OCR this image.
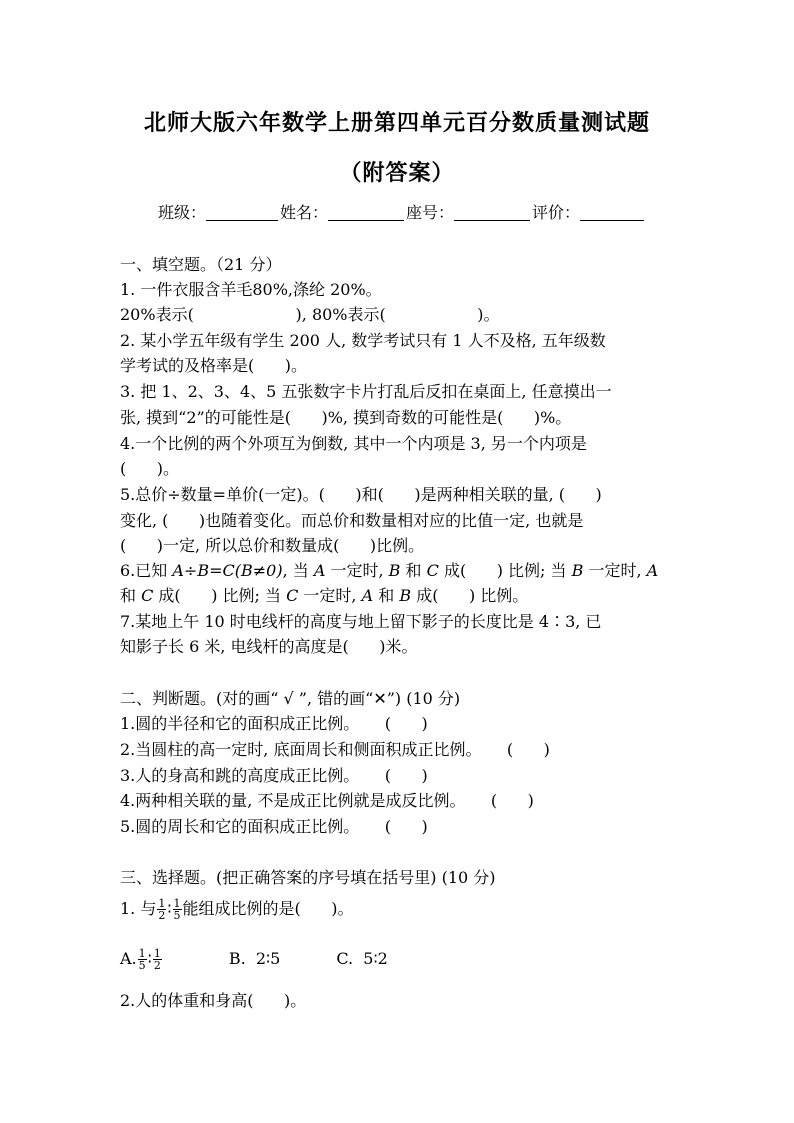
北师大版六年数学上册第四单元百分数质量测试题
（附答案）
班级：	姓名：	座号：	评价：
一、填空题。（21 分）
1. 一件衣服含羊毛80%,涤纶 20%。
20%表示(                    ), 80%表示(                  )。
2. 某小学五年级有学生 200 人, 数学考试只有 1 人不及格, 五年级数
学考试的及格率是(      )。
3. 把 1、2、3、4、5 五张数字卡片打乱后反扣在桌面上, 任意摸出一
张, 摸到“2”的可能性是(      )%, 摸到奇数的可能性是(      )%。
4.一个比例的两个外项互为倒数, 其中一个内项是 3, 另一个内项是
(      )。
5.总价÷数量=单价(一定)。(      )和(      )是两种相关联的量, (      )
变化, (      )也随着变化。而总价和数量相对应的比值一定, 也就是
(      )一定, 所以总价和数量成(      )比例。
6.已知 A÷B=C(B≠0), 当 A 一定时, B 和 C 成(      ) 比例; 当 B 一定时, A
和 C 成(      ) 比例; 当 C 一定时, A 和 B 成(      ) 比例。
7.某地上午 10 时电线杆的高度与地上留下影子的长度比是 4∶3, 已
知影子长 6 米, 电线杆的高度是(      )米。
二、判断题。(对的画“ √ ”, 错的画“✕”) (10 分)
1.圆的半径和它的面积成正比例。     (      )
2.当圆柱的高一定时, 底面周长和侧面积成正比例。     (      )
3.人的身高和跳的高度成正比例。     (      )
4.两种相关联的量, 不是成正比例就是成反比例。     (      )
5.圆的周长和它的面积成正比例。     (      )
三、选择题。(把正确答案的序号填在括号里) (10 分)
1. 与 $\frac{1}{2}$ ∶ $\frac{1}{5}$ 能组成比例的是(      )。
A. $\frac{1}{5}$ ∶ $\frac{1}{2}$	B.  2∶5	C.  5∶2
2.人的体重和身高(      )。
